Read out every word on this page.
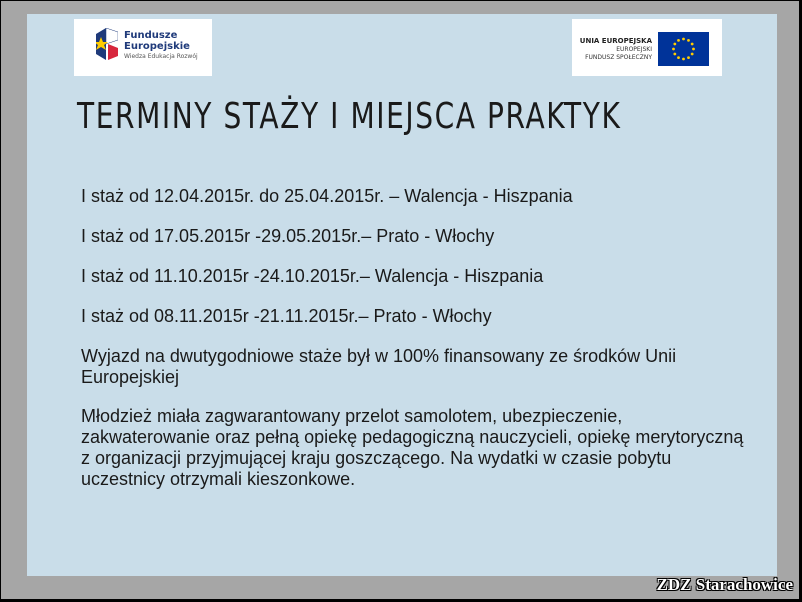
Fundusze
Europejskie
Wiedza Edukacja Rozwój
UNIA EUROPEJSKA
EUROPEJSKI
FUNDUSZ SPOŁECZNY
TERMINY STAŻY I MIEJSCA PRAKTYK

I staż od 12.04.2015r. do 25.04.2015r. – Walencja - Hiszpania

I staż od 17.05.2015r -29.05.2015r.– Prato - Włochy

I staż od 11.10.2015r -24.10.2015r.– Walencja - Hiszpania

I staż od 08.11.2015r -21.11.2015r.– Prato - Włochy

Wyjazd na dwutygodniowe staże był w 100% finansowany ze środków Unii Europejskiej

Młodzież miała zagwarantowany przelot samolotem, ubezpieczenie, zakwaterowanie oraz pełną opiekę pedagogiczną nauczycieli, opiekę merytoryczną z organizacji przyjmującej kraju goszczącego. Na wydatki w czasie pobytu uczestnicy otrzymali kieszonkowe.

ZDZ Starachowice
